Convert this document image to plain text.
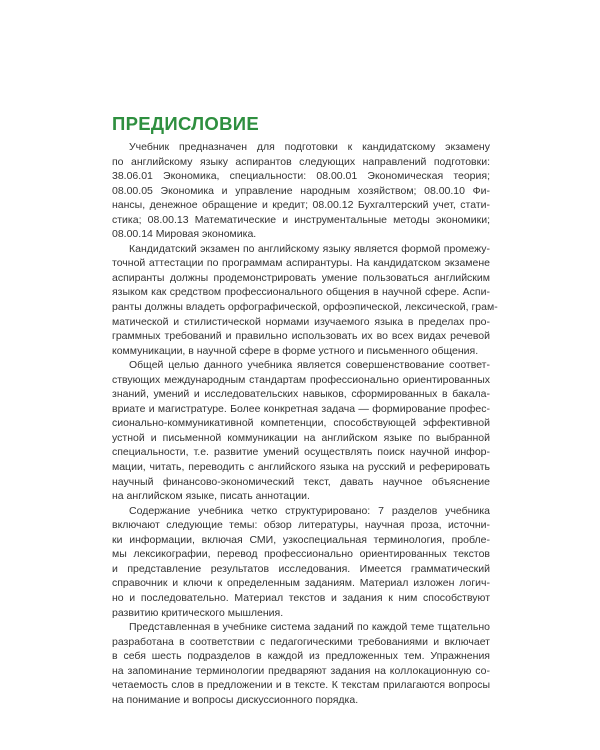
ПРЕДИСЛОВИЕ

Учебник предназначен для подготовки к кандидатскому экзамену
по английскому языку аспирантов следующих направлений подготовки:
38.06.01 Экономика, специальности: 08.00.01 Экономическая теория;
08.00.05 Экономика и управление народным хозяйством; 08.00.10 Фи-
нансы, денежное обращение и кредит; 08.00.12 Бухгалтерский учет, стати-
стика; 08.00.13 Математические и инструментальные методы экономики;
08.00.14 Мировая экономика.

Кандидатский экзамен по английскому языку является формой промежу-
точной аттестации по программам аспирантуры. На кандидатском экзамене
аспиранты должны продемонстрировать умение пользоваться английским
языком как средством профессионального общения в научной сфере. Аспи-
ранты должны владеть орфографической, орфоэпической, лексической, грам-
матической и стилистической нормами изучаемого языка в пределах про-
граммных требований и правильно использовать их во всех видах речевой
коммуникации, в научной сфере в форме устного и письменного общения.

Общей целью данного учебника является совершенствование соответ-
ствующих международным стандартам профессионально ориентированных
знаний, умений и исследовательских навыков, сформированных в бакала-
вриате и магистратуре. Более конкретная задача — формирование профес-
сионально-коммуникативной компетенции, способствующей эффективной
устной и письменной коммуникации на английском языке по выбранной
специальности, т.е. развитие умений осуществлять поиск научной инфор-
мации, читать, переводить с английского языка на русский и реферировать
научный финансово-экономический текст, давать научное объяснение
на английском языке, писать аннотации.

Содержание учебника четко структурировано: 7 разделов учебника
включают следующие темы: обзор литературы, научная проза, источни-
ки информации, включая СМИ, узкоспециальная терминология, пробле-
мы лексикографии, перевод профессионально ориентированных текстов
и представление результатов исследования. Имеется грамматический
справочник и ключи к определенным заданиям. Материал изложен логич-
но и последовательно. Материал текстов и задания к ним способствуют
развитию критического мышления.

Представленная в учебнике система заданий по каждой теме тщательно
разработана в соответствии с педагогическими требованиями и включает
в себя шесть подразделов в каждой из предложенных тем. Упражнения
на запоминание терминологии предваряют задания на коллокационную со-
четаемость слов в предложении и в тексте. К текстам прилагаются вопросы
на понимание и вопросы дискуссионного порядка.
